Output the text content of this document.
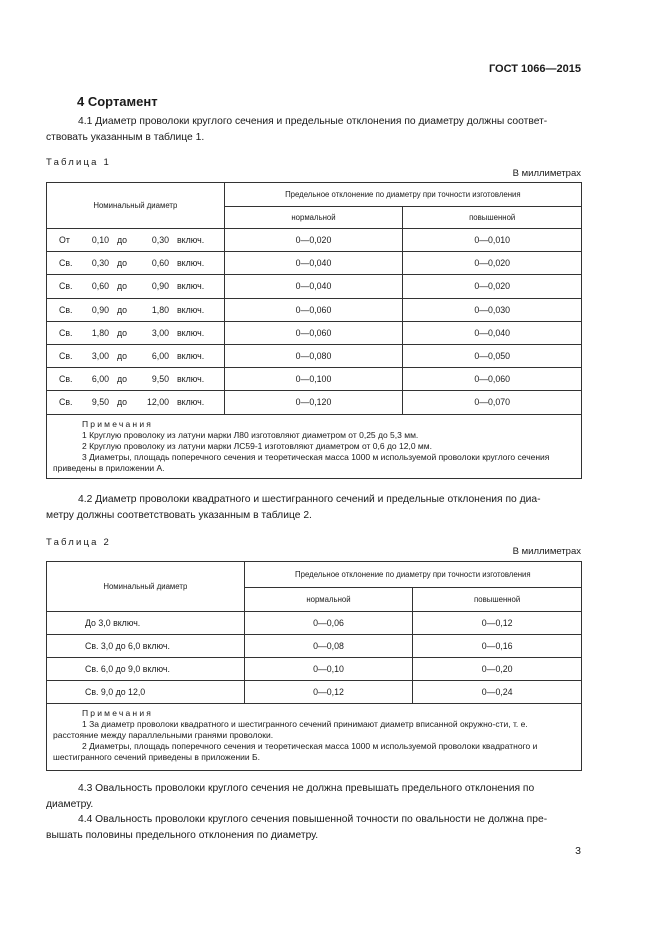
ГОСТ 1066—2015
4 Сортамент
4.1 Диаметр проволоки круглого сечения и предельные отклонения по диаметру должны соответ-
ствовать указанным в таблице 1.
Таблица 1
В миллиметрах
Номинальный диаметр	Предельное отклонение по диаметру при точности изготовления	
	нормальной	повышенной
От 0,10 до 0,30 включ.	0—0,020	0—0,010
Св. 0,30 до 0,60 включ.	0—0,040	0—0,020
Св. 0,60 до 0,90 включ.	0—0,040	0—0,020
Св. 0,90 до 1,80 включ.	0—0,060	0—0,030
Св. 1,80 до 3,00 включ.	0—0,060	0—0,040
Св. 3,00 до 6,00 включ.	0—0,080	0—0,050
Св. 6,00 до 9,50 включ.	0—0,100	0—0,060
Св. 9,50 до 12,00 включ.	0—0,120	0—0,070

Примечания
1 Круглую проволоку из латуни марки Л80 изготовляют диаметром от 0,25 до 5,3 мм.
2 Круглую проволоку из латуни марки ЛС59-1 изготовляют диаметром от 0,6 до 12,0 мм.
3 Диаметры, площадь поперечного сечения и теоретическая масса 1000 м используемой проволоки круглого сечения приведены в приложении А.		
4.2 Диаметр проволоки квадратного и шестигранного сечений и предельные отклонения по диа-
метру должны соответствовать указанным в таблице 2.
Таблица 2
В миллиметрах
Номинальный диаметр	Предельное отклонение по диаметру при точности изготовления	
	нормальной	повышенной
До 3,0 включ.	0—0,06	0—0,12
Св. 3,0 до 6,0 включ.	0—0,08	0—0,16
Св. 6,0 до 9,0 включ.	0—0,10	0—0,20
Св. 9,0 до 12,0	0—0,12	0—0,24

Примечания
1 За диаметр проволоки квадратного и шестигранного сечений принимают диаметр вписанной окружно-сти, т. е. расстояние между параллельными гранями проволоки.
2 Диаметры, площадь поперечного сечения и теоретическая масса 1000 м используемой проволоки квадратного и шестигранного сечений приведены в приложении Б.		
4.3 Овальность проволоки круглого сечения не должна превышать предельного отклонения по
диаметру.
4.4 Овальность проволоки круглого сечения повышенной точности по овальности не должна пре-
вышать половины предельного отклонения по диаметру.
3
